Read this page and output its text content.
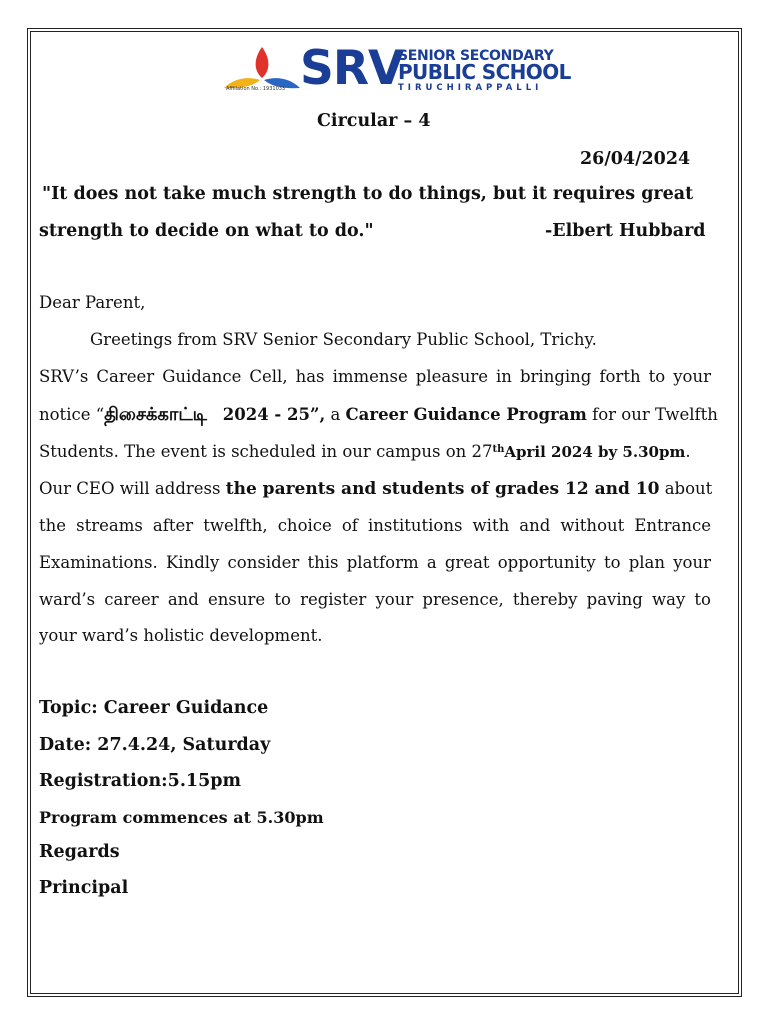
Affiliation No.: 1931033 SRV
SENIOR SECONDARY
PUBLIC SCHOOL
TIRUCHIRAPPALLI
Circular – 4
26/04/2024
"It does not take much strength to do things, but it requires great
strength to decide on what to do."	-Elbert Hubbard
Dear Parent,
Greetings from SRV Senior Secondary Public School, Trichy.
SRV’s Career Guidance Cell, has immense pleasure in bringing forth to your
notice “திசைக்காட்டி 2024 - 25”, a Career Guidance Program for our Twelfth
Students. The event is scheduled in our campus on 27thApril 2024 by 5.30pm.
Our CEO will address the parents and students of grades 12 and 10 about
the streams after twelfth, choice of institutions with and without Entrance
Examinations. Kindly consider this platform a great opportunity to plan your
ward’s career and ensure to register your presence, thereby paving way to
your ward’s holistic development.
Topic: Career Guidance
Date: 27.4.24, Saturday
Registration:5.15pm
Program commences at 5.30pm
Regards
Principal
